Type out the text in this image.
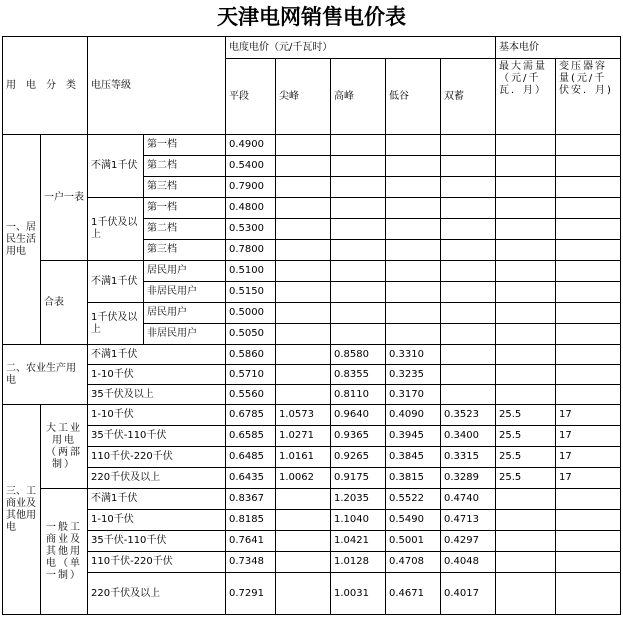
天津电网销售电价表
用　电　分　类		电压等级		电度电价（元/千瓦时）					基本电价	
				平段	尖峰	高峰	低谷	双蓄	最大需量（元/千瓦．月）	变压器容量(元/千伏安．月)
一、居民生活用电	一户一表	不满1千伏	第一档	0.4900						
			第二档	0.5400						
			第三档	0.7900						
		1千伏及以上	第一档	0.4800						
			第二档	0.5300						
			第三档	0.7800						
	合表	不满1千伏	居民用户	0.5100						
			非居民用户	0.5150						
		1千伏及以上	居民用户	0.5000						
			非居民用户	0.5050						
二、农业生产用电		不满1千伏		0.5860		0.8580	0.3310			
		1-10千伏		0.5710		0.8355	0.3235			
		35千伏及以上		0.5560		0.8110	0.3170			
三、工商业及其他用电	大工业用电（两部制）	1-10千伏		0.6785	1.0573	0.9640	0.4090	0.3523	25.5	17
		35千伏-110千伏		0.6585	1.0271	0.9365	0.3945	0.3400	25.5	17
		110千伏-220千伏		0.6485	1.0161	0.9265	0.3845	0.3315	25.5	17
		220千伏及以上		0.6435	1.0062	0.9175	0.3815	0.3289	25.5	17
	一般工商业及其他用电（单一制）	不满1千伏		0.8367		1.2035	0.5522	0.4740		
		1-10千伏		0.8185		1.1040	0.5490	0.4713		
		35千伏-110千伏		0.7641		1.0421	0.5001	0.4297		
		110千伏-220千伏		0.7348		1.0128	0.4708	0.4048		
		220千伏及以上		0.7291		1.0031	0.4671	0.4017		
